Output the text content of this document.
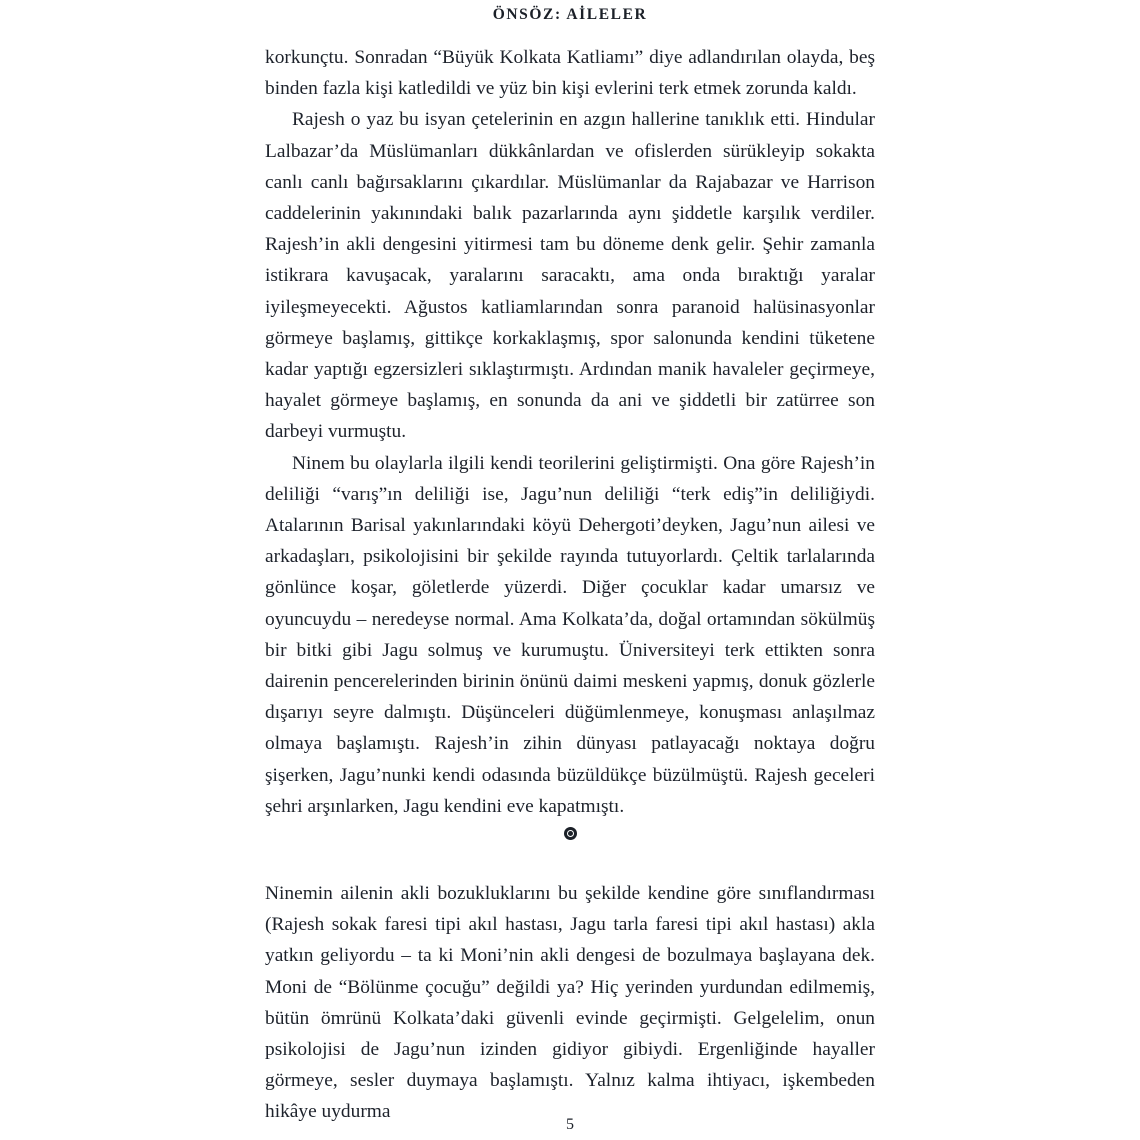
ÖNSÖZ: AİLELER

korkunçtu. Sonradan “Büyük Kolkata Katliamı” diye adlandırılan olayda, beş binden fazla kişi katledildi ve yüz bin kişi evlerini terk etmek zorunda kaldı.

Rajesh o yaz bu isyan çetelerinin en azgın hallerine tanıklık etti. Hindular Lalbazar’da Müslümanları dükkânlardan ve ofislerden sürükleyip sokakta canlı canlı bağırsaklarını çıkardılar. Müslümanlar da Rajabazar ve Harrison caddelerinin yakınındaki balık pazarlarında aynı şiddetle karşılık verdiler. Rajesh’in akli dengesini yitirmesi tam bu döneme denk gelir. Şehir zamanla istikrara kavuşacak, yaralarını saracaktı, ama onda bıraktığı yaralar iyileşmeyecekti. Ağustos katliamlarından sonra paranoid halüsinasyonlar görmeye başlamış, gittikçe korkaklaşmış, spor salonunda kendini tüketene kadar yaptığı egzersizleri sıklaştırmıştı. Ardından manik havaleler geçirmeye, hayalet görmeye başlamış, en sonunda da ani ve şiddetli bir zatürree son darbeyi vurmuştu.

Ninem bu olaylarla ilgili kendi teorilerini geliştirmişti. Ona göre Rajesh’in deliliği “varış”ın deliliği ise, Jagu’nun deliliği “terk ediş”in deliliğiydi. Atalarının Barisal yakınlarındaki köyü Dehergoti’deyken, Jagu’nun ailesi ve arkadaşları, psikolojisini bir şekilde rayında tutuyorlardı. Çeltik tarlalarında gönlünce koşar, göletlerde yüzerdi. Diğer çocuklar kadar umarsız ve oyuncuydu – neredeyse normal. Ama Kolkata’da, doğal ortamından sökülmüş bir bitki gibi Jagu solmuş ve kurumuştu. Üniversiteyi terk ettikten sonra dairenin pencerelerinden birinin önünü daimi meskeni yapmış, donuk gözlerle dışarıyı seyre dalmıştı. Düşünceleri düğümlenmeye, konuşması anlaşılmaz olmaya başlamıştı. Rajesh’in zihin dünyası patlayacağı noktaya doğru şişerken, Jagu’nunki kendi odasında büzüldükçe büzülmüştü. Rajesh geceleri şehri arşınlarken, Jagu kendini eve kapatmıştı.

Ninemin ailenin akli bozukluklarını bu şekilde kendine göre sınıflandırması (Rajesh sokak faresi tipi akıl hastası, Jagu tarla faresi tipi akıl hastası) akla yatkın geliyordu – ta ki Moni’nin akli dengesi de bozulmaya başlayana dek. Moni de “Bölünme çocuğu” değildi ya? Hiç yerinden yurdundan edilmemiş, bütün ömrünü Kolkata’daki güvenli evinde geçirmişti. Gelgelelim, onun psikolojisi de Jagu’nun izinden gidiyor gibiydi. Ergenliğinde hayaller görmeye, sesler duymaya başlamıştı. Yalnız kalma ihtiyacı, işkembeden hikâye uydurma

5
